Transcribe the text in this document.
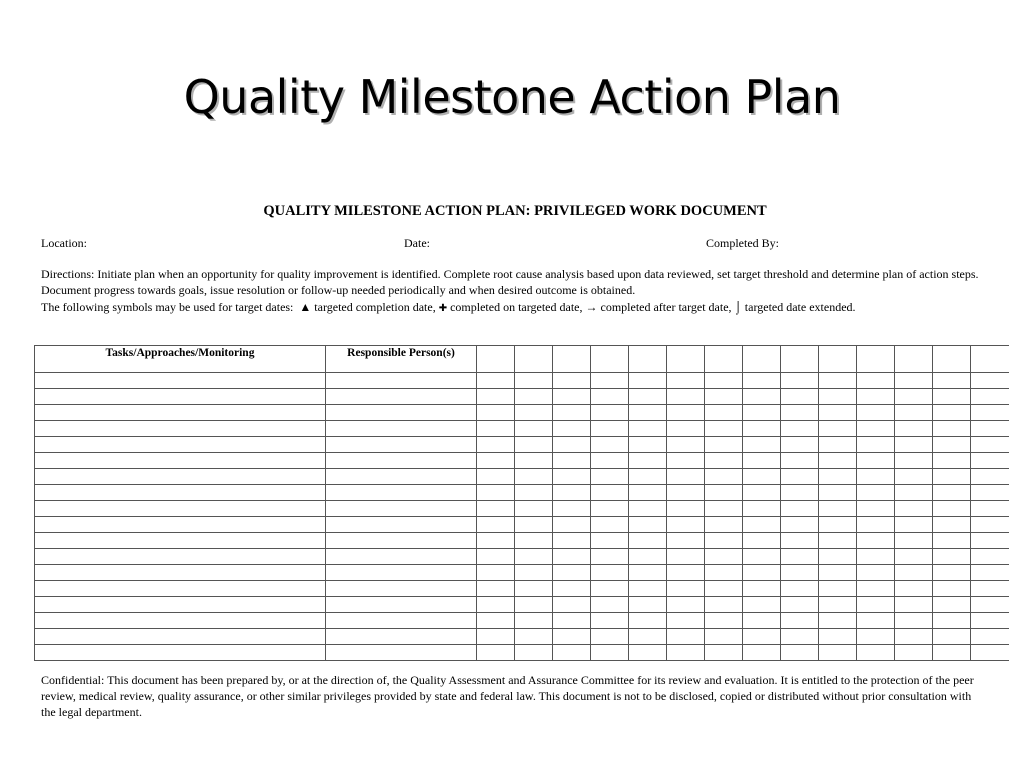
Quality Milestone Action Plan
QUALITY MILESTONE ACTION PLAN: PRIVILEGED WORK DOCUMENT
Location:	Date:	Completed By:
Directions: Initiate plan when an opportunity for quality improvement is identified. Complete root cause analysis based upon data reviewed, set target threshold and determine plan of action steps. Document progress towards goals, issue resolution or follow-up needed periodically and when desired outcome is obtained.
The following symbols may be used for target dates: ▲ targeted completion date, ✚ completed on targeted date, → completed after target date, ⌡ targeted date extended.
Tasks/Approaches/Monitoring	Responsible Person(s)														

Confidential: This document has been prepared by, or at the direction of, the Quality Assessment and Assurance Committee for its review and evaluation. It is entitled to the protection of the peer review, medical review, quality assurance, or other similar privileges provided by state and federal law. This document is not to be disclosed, copied or distributed without prior consultation with the legal department.
